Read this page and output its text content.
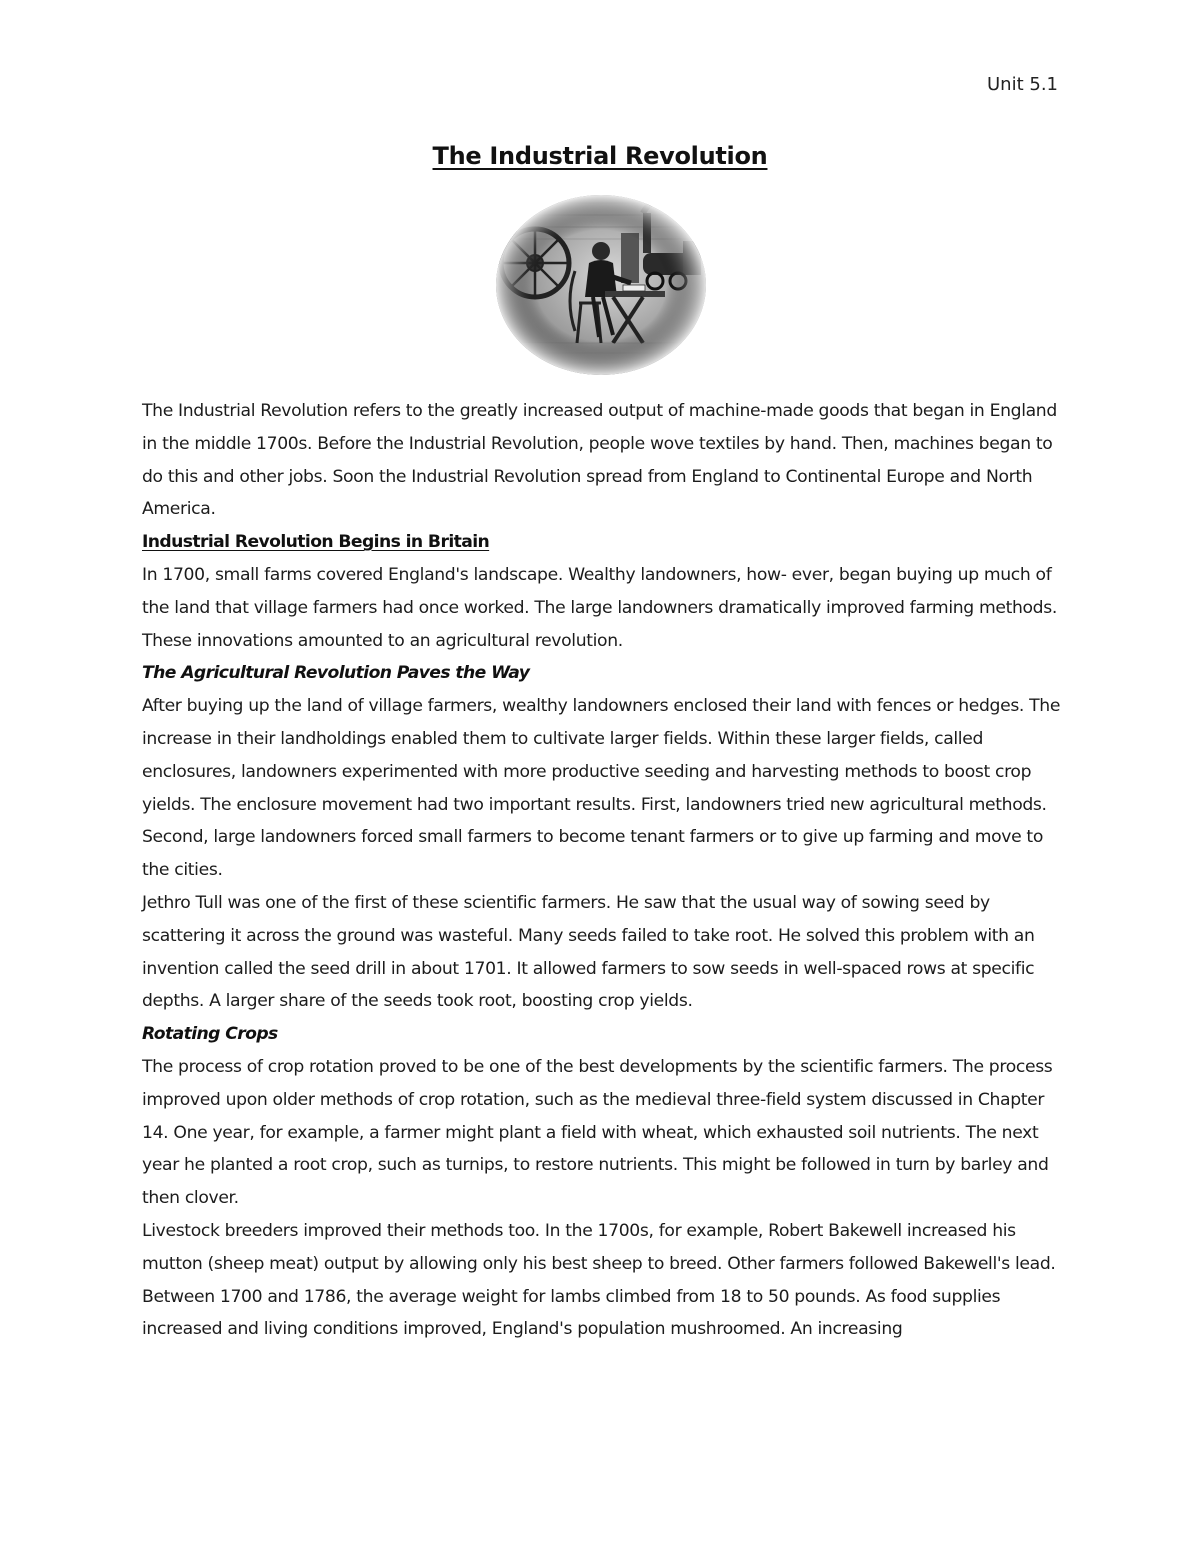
Unit 5.1
The Industrial Revolution

The Industrial Revolution refers to the greatly increased output of machine-made goods that began in England in the middle 1700s. Before the Industrial Revolution, people wove textiles by hand. Then, machines began to do this and other jobs. Soon the Industrial Revolution spread from England to Continental Europe and North America.

Industrial Revolution Begins in Britain

In 1700, small farms covered England's landscape. Wealthy landowners, how- ever, began buying up much of the land that village farmers had once worked. The large landowners dramatically improved farming methods. These innovations amounted to an agricultural revolution.

The Agricultural Revolution Paves the Way

After buying up the land of village farmers, wealthy landowners enclosed their land with fences or hedges. The increase in their landholdings enabled them to cultivate larger fields. Within these larger fields, called enclosures, landowners experimented with more productive seeding and harvesting methods to boost crop yields. The enclosure movement had two important results. First, landowners tried new agricultural methods. Second, large landowners forced small farmers to become tenant farmers or to give up farming and move to the cities.

Jethro Tull was one of the first of these scientific farmers. He saw that the usual way of sowing seed by scattering it across the ground was wasteful. Many seeds failed to take root. He solved this problem with an invention called the seed drill in about 1701. It allowed farmers to sow seeds in well-spaced rows at specific depths. A larger share of the seeds took root, boosting crop yields.

Rotating Crops

The process of crop rotation proved to be one of the best developments by the scientific farmers. The process improved upon older methods of crop rotation, such as the medieval three-field system discussed in Chapter 14. One year, for example, a farmer might plant a field with wheat, which exhausted soil nutrients. The next year he planted a root crop, such as turnips, to restore nutrients. This might be followed in turn by barley and then clover.

Livestock breeders improved their methods too. In the 1700s, for example, Robert Bakewell increased his mutton (sheep meat) output by allowing only his best sheep to breed. Other farmers followed Bakewell's lead. Between 1700 and 1786, the average weight for lambs climbed from 18 to 50 pounds. As food supplies increased and living conditions improved, England's population mushroomed. An increasing
